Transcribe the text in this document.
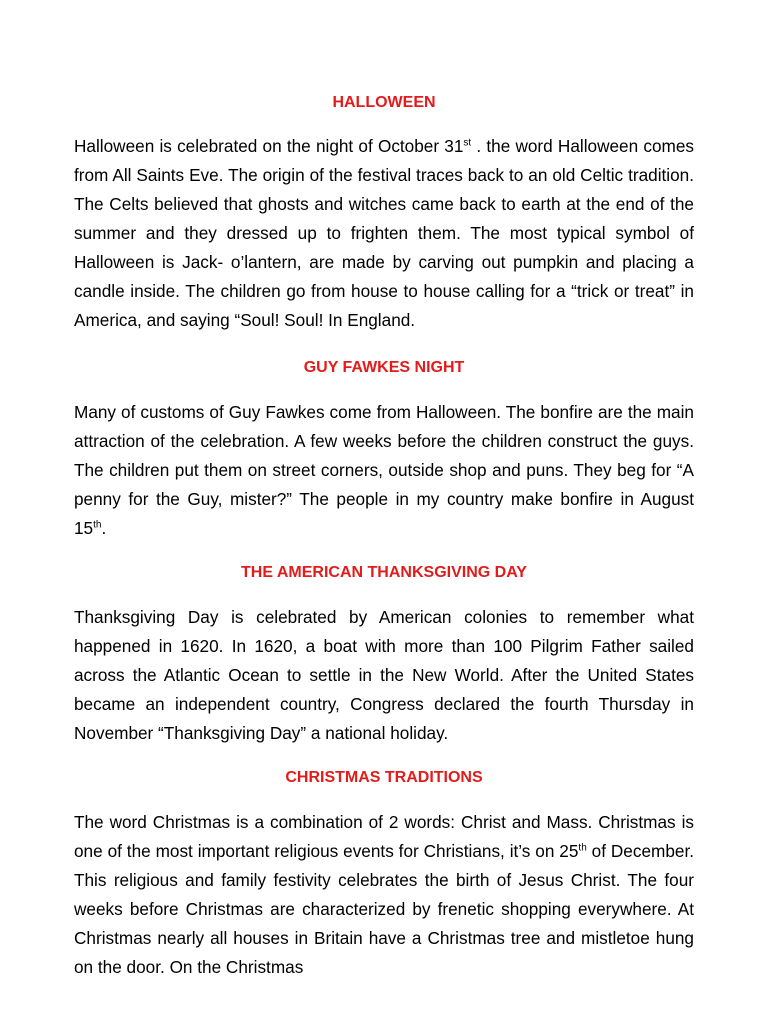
HALLOWEEN

Halloween is celebrated on the night of October 31st . the word Halloween comes from All Saints Eve. The origin of the festival traces back to an old Celtic tradition. The Celts believed that ghosts and witches came back to earth at the end of the summer and they dressed up to frighten them. The most typical symbol of Halloween is Jack- o’lantern, are made by carving out pumpkin and placing a candle inside. The children go from house to house calling for a “trick or treat” in America, and saying “Soul! Soul! In England.

GUY FAWKES NIGHT

Many of customs of Guy Fawkes come from Halloween. The bonfire are the main attraction of the celebration. A few weeks before the children construct the guys. The children put them on street corners, outside shop and puns. They beg for “A penny for the Guy, mister?” The people in my country make bonfire in August 15th.

THE AMERICAN THANKSGIVING DAY

Thanksgiving Day is celebrated by American colonies to remember what happened in 1620. In 1620, a boat with more than 100 Pilgrim Father sailed across the Atlantic Ocean to settle in the New World. After the United States became an independent country, Congress declared the fourth Thursday in November “Thanksgiving Day” a national holiday.

CHRISTMAS TRADITIONS

The word Christmas is a combination of 2 words: Christ and Mass. Christmas is one of the most important religious events for Christians, it’s on 25th of December. This religious and family festivity celebrates the birth of Jesus Christ. The four weeks before Christmas are characterized by frenetic shopping everywhere. At Christmas nearly all houses in Britain have a Christmas tree and mistletoe hung on the door. On the Christmas
